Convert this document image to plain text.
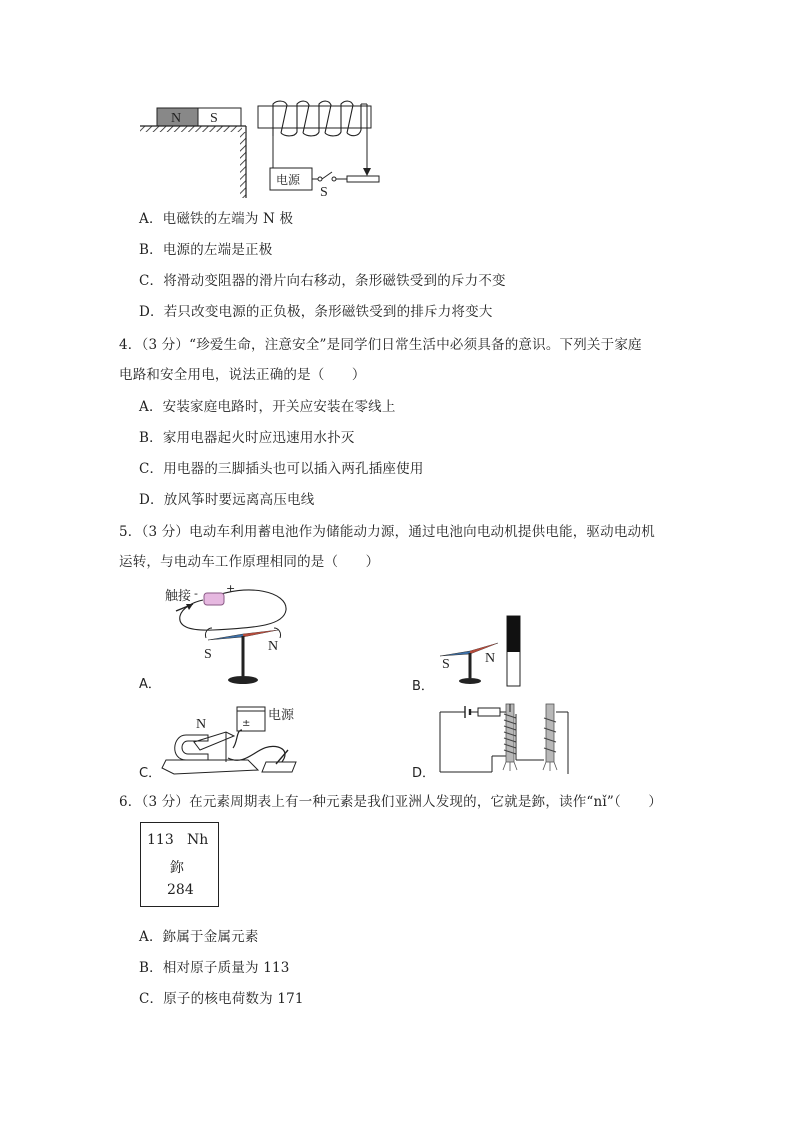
N S
电源
S
A．电磁铁的左端为 N 极
B．电源的左端是正极
C．将滑动变阻器的滑片向右移动，条形磁铁受到的斥力不变
D．若只改变电源的正负极，条形磁铁受到的排斥力将变大
4．（3 分）“珍爱生命，注意安全”是同学们日常生活中必须具备的意识。下列关于家庭
电路和安全用电，说法正确的是（　　）
A．安装家庭电路时，开关应安装在零线上
B．家用电器起火时应迅速用水扑灭
C．用电器的三脚插头也可以插入两孔插座使用
D．放风筝时要远离高压电线
5．（3 分）电动车利用蓄电池作为储能动力源，通过电池向电动机提供电能，驱动电动机
运转，与电动车工作原理相同的是（　　）
触接 -	+
S
N
A．
S	N
B．
电源
±
N
C．	D．
6．（3 分）在元素周期表上有一种元素是我们亚洲人发现的，它就是鉨，读作“nǐ”（　　）
113 Nh
鉨
284
A．鉨属于金属元素
B．相对原子质量为 113
C．原子的核电荷数为 171
